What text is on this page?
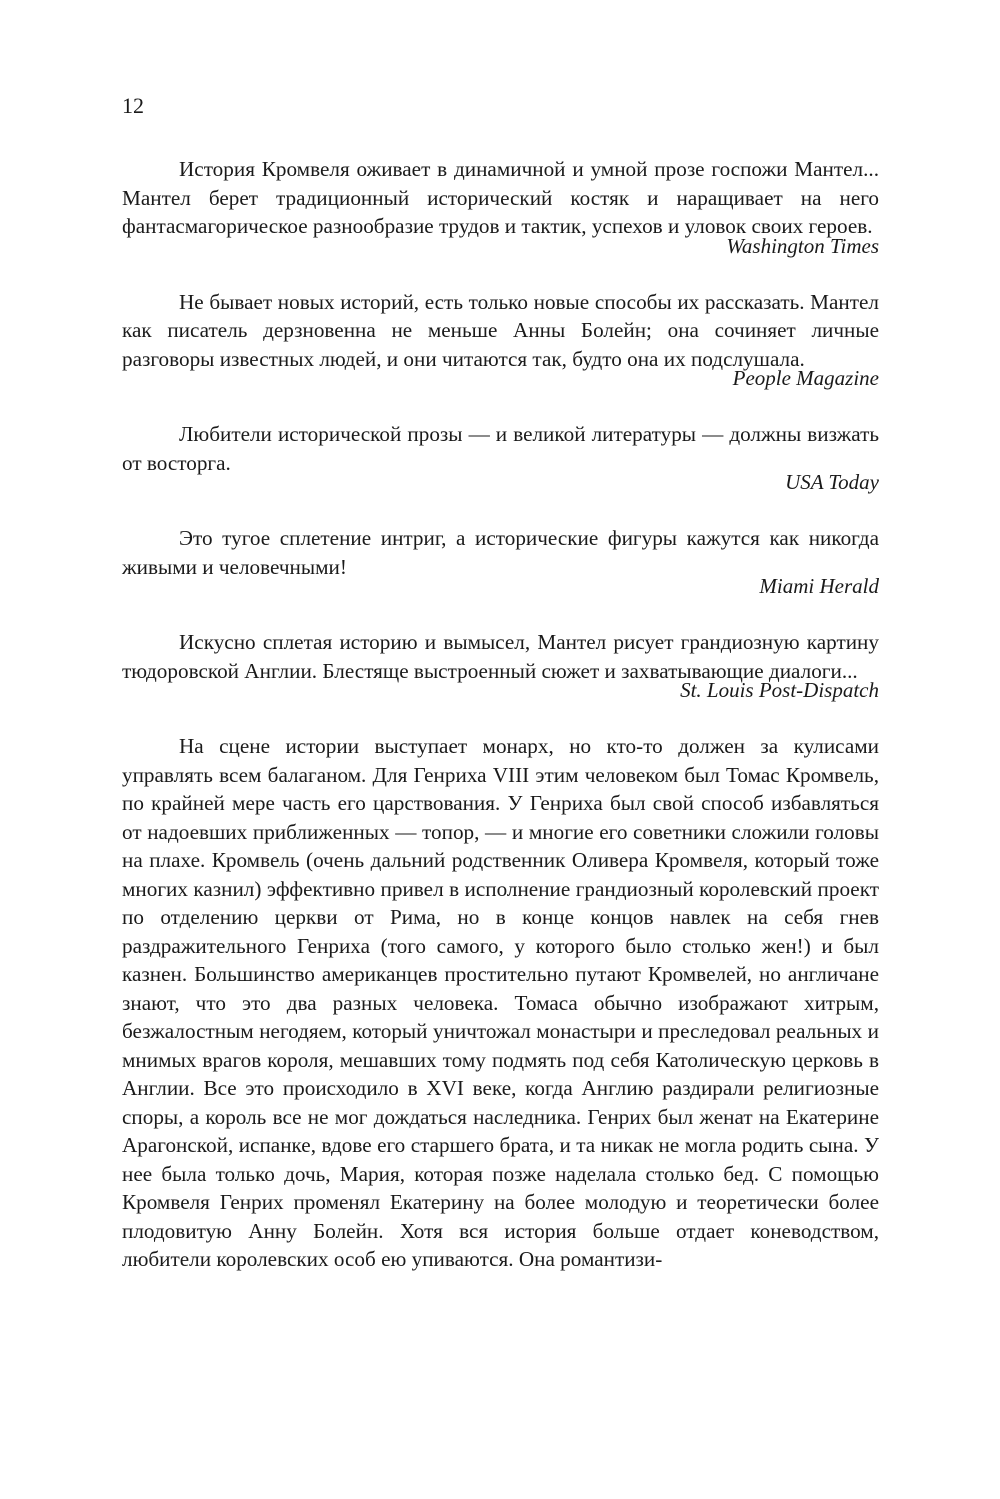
12

История Кромвеля оживает в динамичной и умной прозе госпожи Мантел... Мантел берет традиционный исторический костяк и наращивает на него фантасмагорическое разнообразие трудов и тактик, успехов и уловок своих героев.

Washington Times

Не бывает новых историй, есть только новые способы их рассказать. Мантел как писатель дерзновенна не меньше Анны Болейн; она сочиняет личные разговоры известных людей, и они читаются так, будто она их подслушала.

People Magazine

Любители исторической прозы — и великой литературы — должны визжать от восторга.

USA Today

Это тугое сплетение интриг, а исторические фигуры кажутся как никогда живыми и человечными!

Miami Herald

Искусно сплетая историю и вымысел, Мантел рисует грандиозную картину тюдоровской Англии. Блестяще выстроенный сюжет и захватывающие диалоги...

St. Louis Post-Dispatch

На сцене истории выступает монарх, но кто-то должен за кулисами управлять всем балаганом. Для Генриха VIII этим человеком был Томас Кромвель, по крайней мере часть его царствования. У Генриха был свой способ избавляться от надоевших приближенных — топор, — и многие его советники сложили головы на плахе. Кромвель (очень дальний родственник Оливера Кромвеля, который тоже многих казнил) эффективно привел в исполнение грандиозный королевский проект по отделению церкви от Рима, но в конце концов навлек на себя гнев раздражительного Генриха (того самого, у которого было столько жен!) и был казнен. Большинство американцев простительно путают Кромвелей, но англичане знают, что это два разных человека. Томаса обычно изображают хитрым, безжалостным негодяем, который уничтожал монастыри и преследовал реальных и мнимых врагов короля, мешавших тому подмять под себя Католическую церковь в Англии. Все это происходило в XVI веке, когда Англию раздирали религиозные споры, а король все не мог дождаться наследника. Генрих был женат на Екатерине Арагонской, испанке, вдове его старшего брата, и та никак не могла родить сына. У нее была только дочь, Мария, которая позже наделала столько бед. С помощью Кромвеля Генрих променял Екатерину на более молодую и теоретически более плодовитую Анну Болейн. Хотя вся история больше отдает коневодством, любители королевских особ ею упиваются. Она романтизи-
